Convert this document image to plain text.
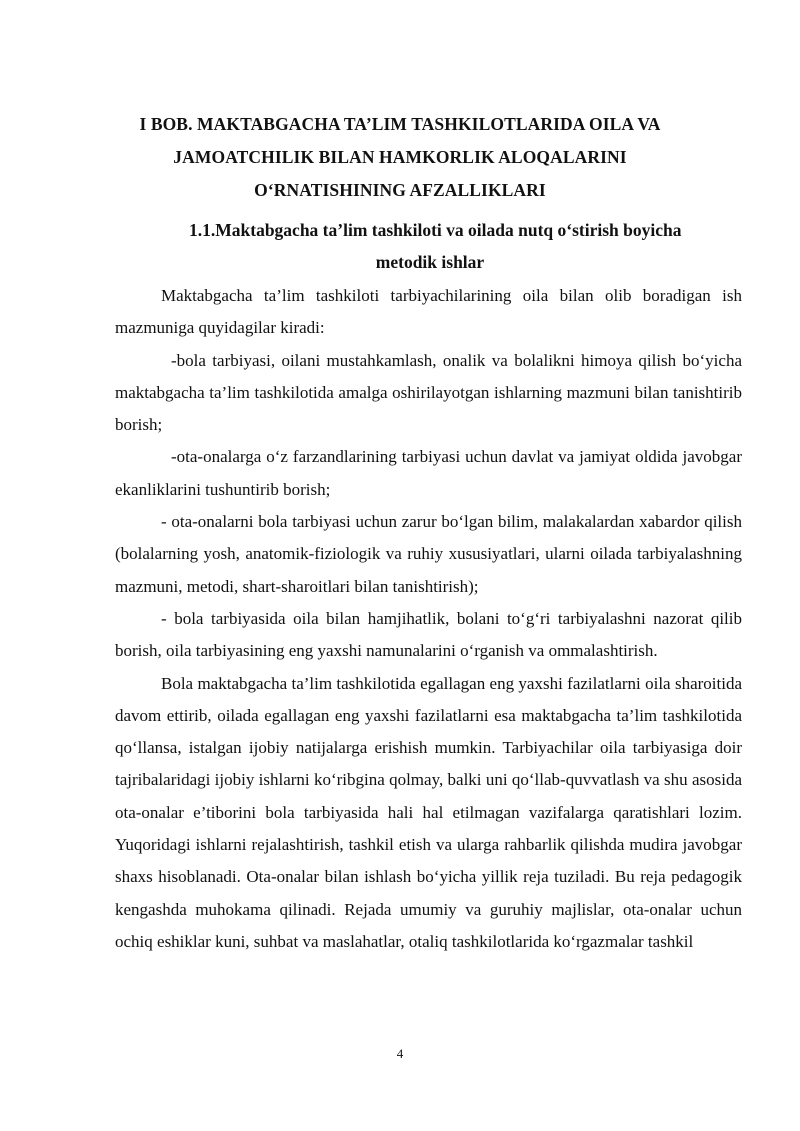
I BOB. MAKTABGACHA TA’LIM TASHKILOTLARIDA OILA VA
JAMOATCHILIK BILAN HAMKORLIK ALOQALARINI
O‘RNATISHINING AFZALLIKLARI
1.1.Maktabgacha ta’lim tashkiloti va oilada nutq o‘stirish boyicha
metodik ishlar

Maktabgacha ta’lim tashkiloti tarbiyachilarining oila bilan olib boradigan ish mazmuniga quyidagilar kiradi:

-bola tarbiyasi, oilani mustahkamlash, onalik va bolalikni himoya qilish bo‘yicha maktabgacha ta’lim tashkilotida amalga oshirilayotgan ishlarning mazmuni bilan tanishtirib borish;

-ota-onalarga o‘z farzandlarining tarbiyasi uchun davlat va jamiyat oldida javobgar ekanliklarini tushuntirib borish;

- ota-onalarni bola tarbiyasi uchun zarur bo‘lgan bilim, malakalardan xabardor qilish (bolalarning yosh, anatomik-fiziologik va ruhiy xususiyatlari, ularni oilada tarbiyalashning mazmuni, metodi, shart-sharoitlari bilan tanishtirish);

- bola tarbiyasida oila bilan hamjihatlik, bolani to‘g‘ri tarbiyalashni nazorat qilib borish, oila tarbiyasining eng yaxshi namunalarini o‘rganish va ommalashtirish.

Bola maktabgacha ta’lim tashkilotida egallagan eng yaxshi fazilatlarni oila sharoitida davom ettirib, oilada egallagan eng yaxshi fazilatlarni esa maktabgacha ta’lim tashkilotida qo‘llansa, istalgan ijobiy natijalarga erishish mumkin. Tarbiyachilar oila tarbiyasiga doir tajribalaridagi ijobiy ishlarni ko‘ribgina qolmay, balki uni qo‘llab-quvvatlash va shu asosida ota-onalar e’tiborini bola tarbiyasida hali hal etilmagan vazifalarga qaratishlari lozim. Yuqoridagi ishlarni rejalashtirish, tashkil etish va ularga rahbarlik qilishda mudira javobgar shaxs hisoblanadi. Ota-onalar bilan ishlash bo‘yicha yillik reja tuziladi. Bu reja pedagogik kengashda muhokama qilinadi. Rejada umumiy va guruhiy majlislar, ota-onalar uchun ochiq eshiklar kuni, suhbat va maslahatlar, otaliq tashkilotlarida ko‘rgazmalar tashkil

4
